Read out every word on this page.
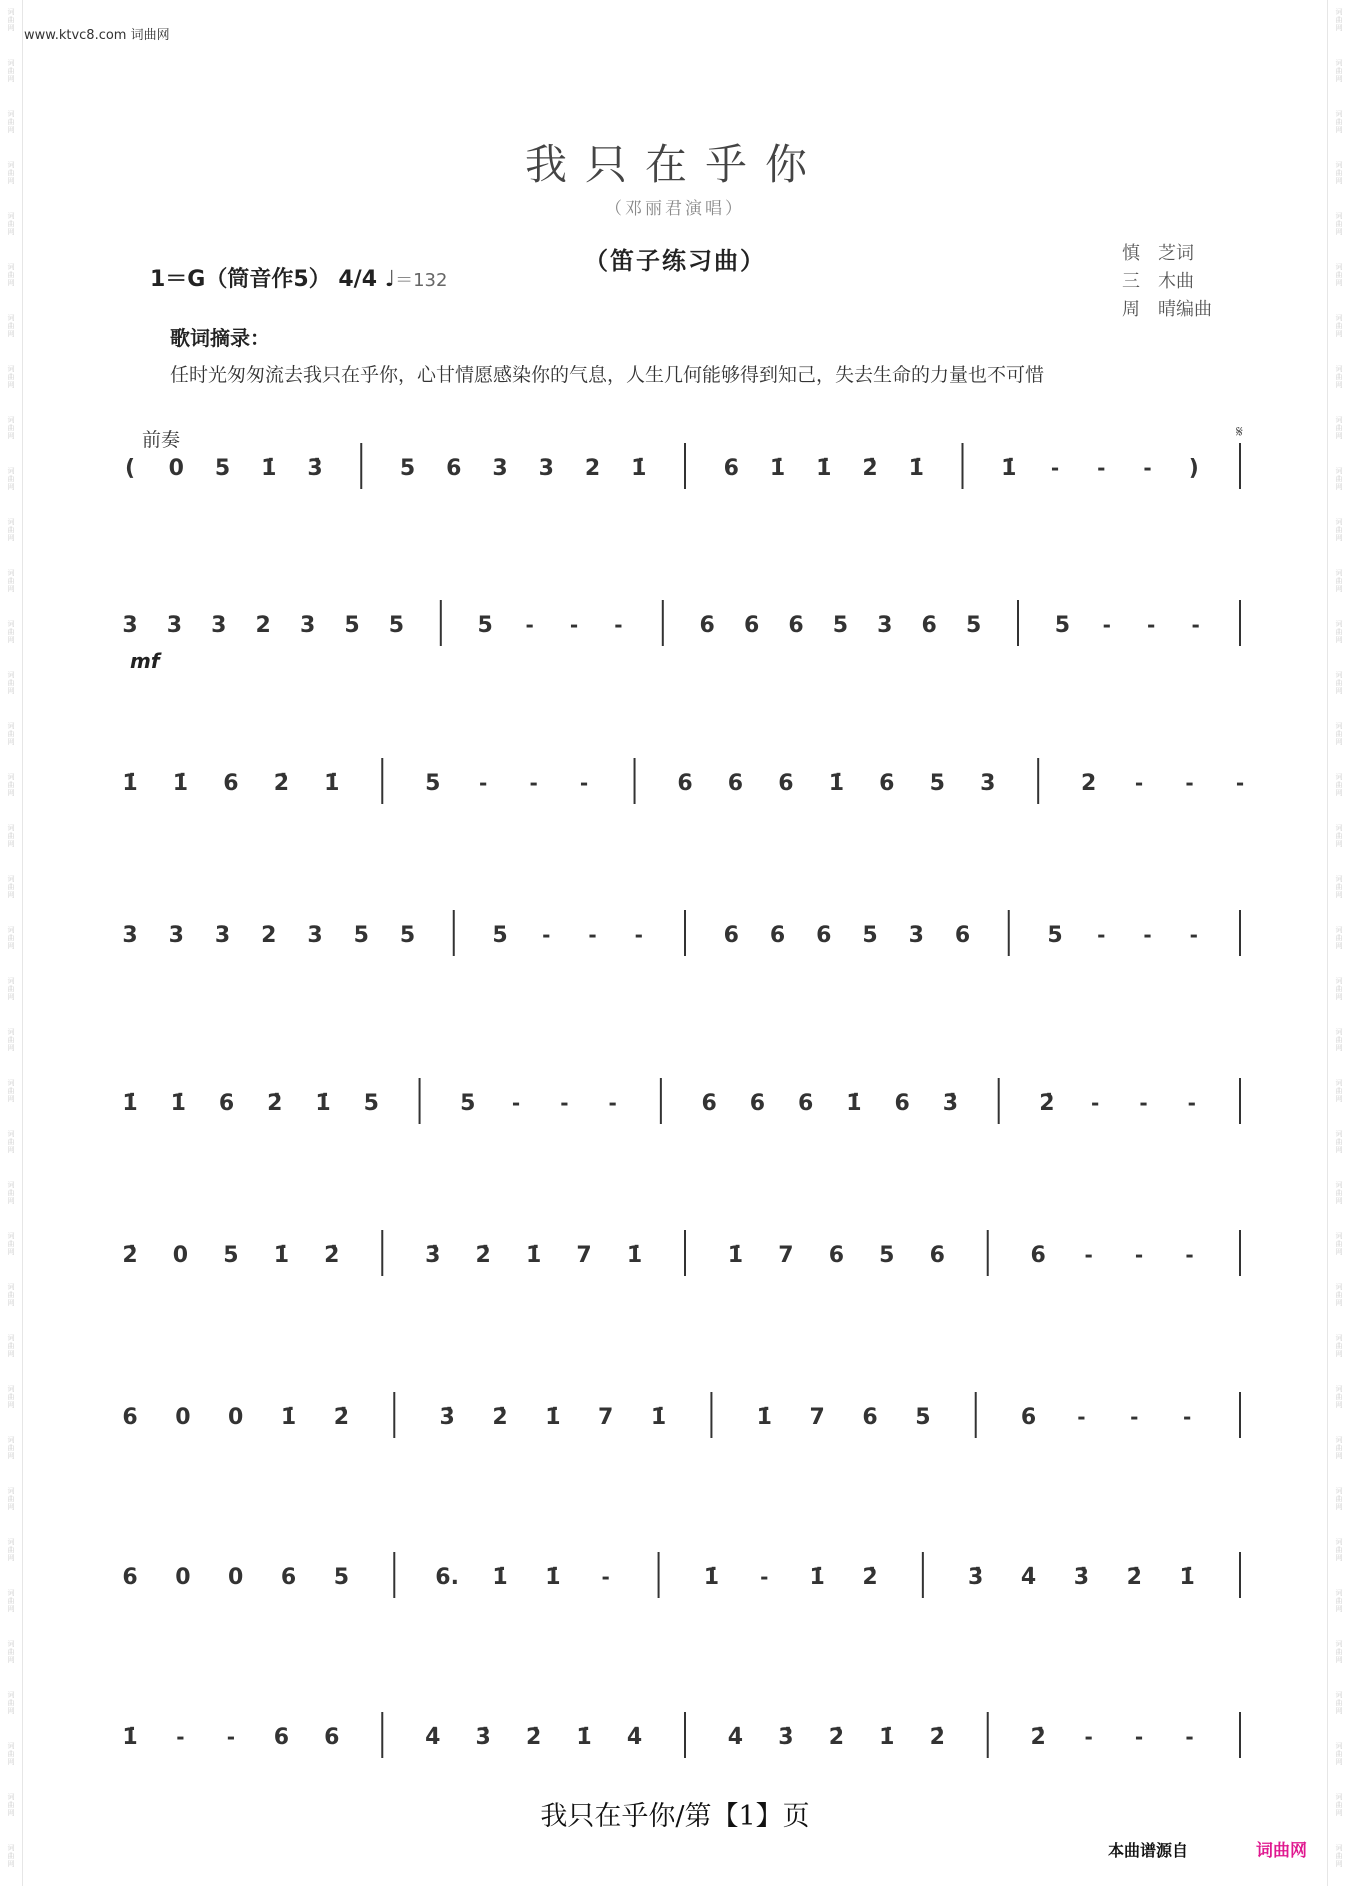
词
曲
网
词
曲
网
词
曲
网
词
曲
网
词
曲
网
词
曲
网
词
曲
网
词
曲
网
词
曲
网
词
曲
网
词
曲
网
词
曲
网
词
曲
网
词
曲
网
词
曲
网
词
曲
网
词
曲
网
词
曲
网
词
曲
网
词
曲
网
词
曲
网
词
曲
网
词
曲
网
词
曲
网
词
曲
网
词
曲
网
词
曲
网
词
曲
网
词
曲
网
词
曲
网
词
曲
网
词
曲
网
词
曲
网
词
曲
网
词
曲
网
词
曲
网
词
曲
网
词
曲
网
词
曲
网
词
曲
网
词
曲
网
词
曲
网
词
曲
网
词
曲
网
词
曲
网
词
曲
网
词
曲
网
词
曲
网
词
曲
网
词
曲
网
词
曲
网
词
曲
网
词
曲
网
词
曲
网
词
曲
网
词
曲
网
词
曲
网
词
曲
网
词
曲
网
词
曲
网
词
曲
网
词
曲
网
词
曲
网
词
曲
网
词
曲
网
词
曲
网
词
曲
网
词
曲
网
词
曲
网
词
曲
网
词
曲
网
词
曲
网
词
曲
网
词
曲
网
www.ktvc8.com 词曲网
我只在乎你
（邓丽君演唱）
（笛子练习曲）
1＝G（筒音作5） 4/4 ♩＝132
慎　芝词
三　木曲
周　晴编曲
歌词摘录：
任时光匆匆流去我只在乎你，心甘情愿感染你的气息，人生几何能够得到知己，失去生命的力量也不可惜
前奏	𝄋
( 0 5 1̇ 3̇	5 6 3 3 2 1̇	6 1̇ 1̇ 2̇ 1̇	1̇ - - - )
mf
3 3 3 2 3 5 5	5 - - -	6 6 6 5 3 6 5	5 - - -
1̇ 1̇ 6 2̇ 1̇	5 - - -	6 6 6 1̇ 6 5 3	2 - - -
3 3 3 2 3 5 5	5 - - -	6 6 6 5 3 6	5 - - -
1̇ 1̇ 6 2̇ 1̇ 5	5 - - -	6 6 6 1̇ 6 3̇	2̇ - - -
2̇ 0 5 1̇ 2̇	3̇ 2̇ 1̇ 7 1̇	1̇ 7 6 5 6	6 - - -
6 0 0 1̇ 2̇	3̇ 2̇ 1̇ 7 1̇	1̇ 7 6 5	6 - - -
6 0 0 6 5	6. 1̇ 1̇ -	1̇ - 1̇ 2̇	3̇ 4̇ 3̇ 2̇ 1̇
1̇ - - 6 6	4̇ 3̇ 2̇ 1̇ 4̇	4̇ 3̇ 2̇ 1̇ 2̇	2̇ - - -
我只在乎你/第【1】页
本曲谱源自	词曲网
